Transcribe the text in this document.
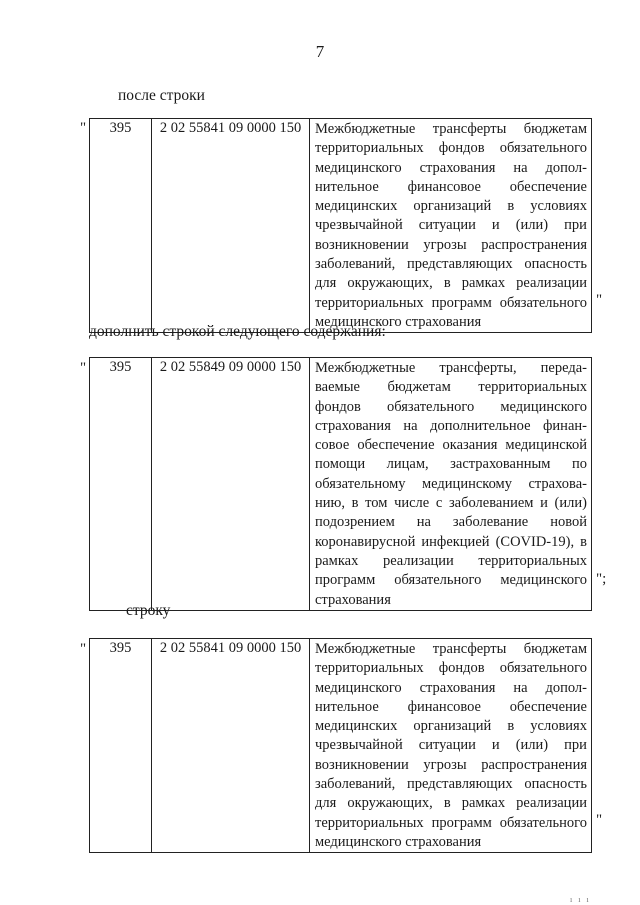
7
после строки
" 395	2 02 55841 09 0000 150	Межбюджетные трансферты бюджетам
территориальных фондов обязательного
медицинского страхования на допол-
нительное финансовое обеспечение
медицинских организаций в условиях
чрезвычайной ситуации и (или) при
возникновении угрозы распространения
заболеваний, представляющих опасность
для окружающих, в рамках реализации
территориальных программ обязательного
медицинского страхования
"
дополнить строкой следующего содержания:
" 395	2 02 55849 09 0000 150	Межбюджетные трансферты, переда-
ваемые бюджетам территориальных
фондов обязательного медицинского
страхования на дополнительное финан-
совое обеспечение оказания медицинской
помощи лицам, застрахованным по
обязательному медицинскому страхова-
нию, в том числе с заболеванием и (или)
подозрением на заболевание новой
коронавирусной инфекцией (COVID-19), в
рамках реализации территориальных
программ обязательного медицинского
страхования
";
строку
" 395	2 02 55841 09 0000 150	Межбюджетные трансферты бюджетам
территориальных фондов обязательного
медицинского страхования на допол-
нительное финансовое обеспечение
медицинских организаций в условиях
чрезвычайной ситуации и (или) при
возникновении угрозы распространения
заболеваний, представляющих опасность
для окружающих, в рамках реализации
территориальных программ обязательного
медицинского страхования
"
ı ı ı
